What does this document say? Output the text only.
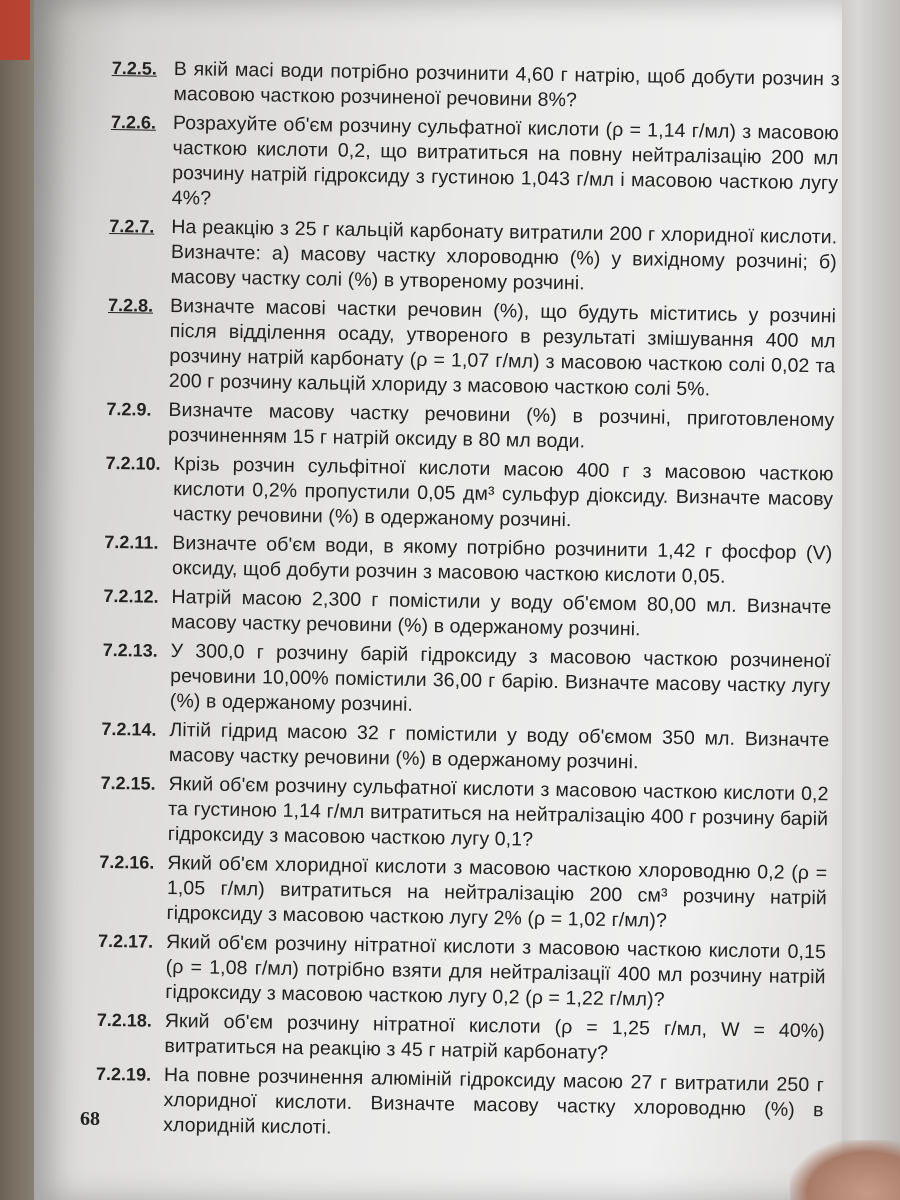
7.2.5. В якій масі води потрібно розчинити 4,60 г натрію, щоб добути розчин з масовою часткою розчиненої речовини 8%?
7.2.6. Розрахуйте об'єм розчину сульфатної кислоти (ρ = 1,14 г/мл) з масовою часткою кислоти 0,2, що витратиться на повну нейтралізацію 200 мл розчину натрій гідроксиду з густиною 1,043 г/мл і масовою часткою лугу 4%?
7.2.7. На реакцію з 25 г кальцій карбонату витратили 200 г хлоридної кислоти. Визначте: а) масову частку хлороводню (%) у вихідному розчині; б) масову частку солі (%) в утвореному розчині.
7.2.8. Визначте масові частки речовин (%), що будуть міститись у розчині після відділення осаду, утвореного в результаті змішування 400 мл розчину натрій карбонату (ρ = 1,07 г/мл) з масовою часткою солі 0,02 та 200 г розчину кальцій хлориду з масовою часткою солі 5%.
7.2.9. Визначте масову частку речовини (%) в розчині, приготовленому розчиненням 15 г натрій оксиду в 80 мл води.
7.2.10. Крізь розчин сульфітної кислоти масою 400 г з масовою часткою кислоти 0,2% пропустили 0,05 дм³ сульфур діоксиду. Визначте масову частку речовини (%) в одержаному розчині.
7.2.11. Визначте об'єм води, в якому потрібно розчинити 1,42 г фосфор (V) оксиду, щоб добути розчин з масовою часткою кислоти 0,05.
7.2.12. Натрій масою 2,300 г помістили у воду об'ємом 80,00 мл. Визначте масову частку речовини (%) в одержаному розчині.
7.2.13. У 300,0 г розчину барій гідроксиду з масовою часткою розчиненої речовини 10,00% помістили 36,00 г барію. Визначте масову частку лугу (%) в одержаному розчині.
7.2.14. Літій гідрид масою 32 г помістили у воду об'ємом 350 мл. Визначте масову частку речовини (%) в одержаному розчині.
7.2.15. Який об'єм розчину сульфатної кислоти з масовою часткою кислоти 0,2 та густиною 1,14 г/мл витратиться на нейтралізацію 400 г розчину барій гідроксиду з масовою часткою лугу 0,1?
7.2.16. Який об'єм хлоридної кислоти з масовою часткою хлороводню 0,2 (ρ = 1,05 г/мл) витратиться на нейтралізацію 200 см³ розчину натрій гідроксиду з масовою часткою лугу 2% (ρ = 1,02 г/мл)?
7.2.17. Який об'єм розчину нітратної кислоти з масовою часткою кислоти 0,15 (ρ = 1,08 г/мл) потрібно взяти для нейтралізації 400 мл розчину натрій гідроксиду з масовою часткою лугу 0,2 (ρ = 1,22 г/мл)?
7.2.18. Який об'єм розчину нітратної кислоти (ρ = 1,25 г/мл, W = 40%) витратиться на реакцію з 45 г натрій карбонату?
7.2.19. На повне розчинення алюміній гідроксиду масою 27 г витратили 250 г хлоридної кислоти. Визначте масову частку хлороводню (%) в хлоридній кислоті.
68
